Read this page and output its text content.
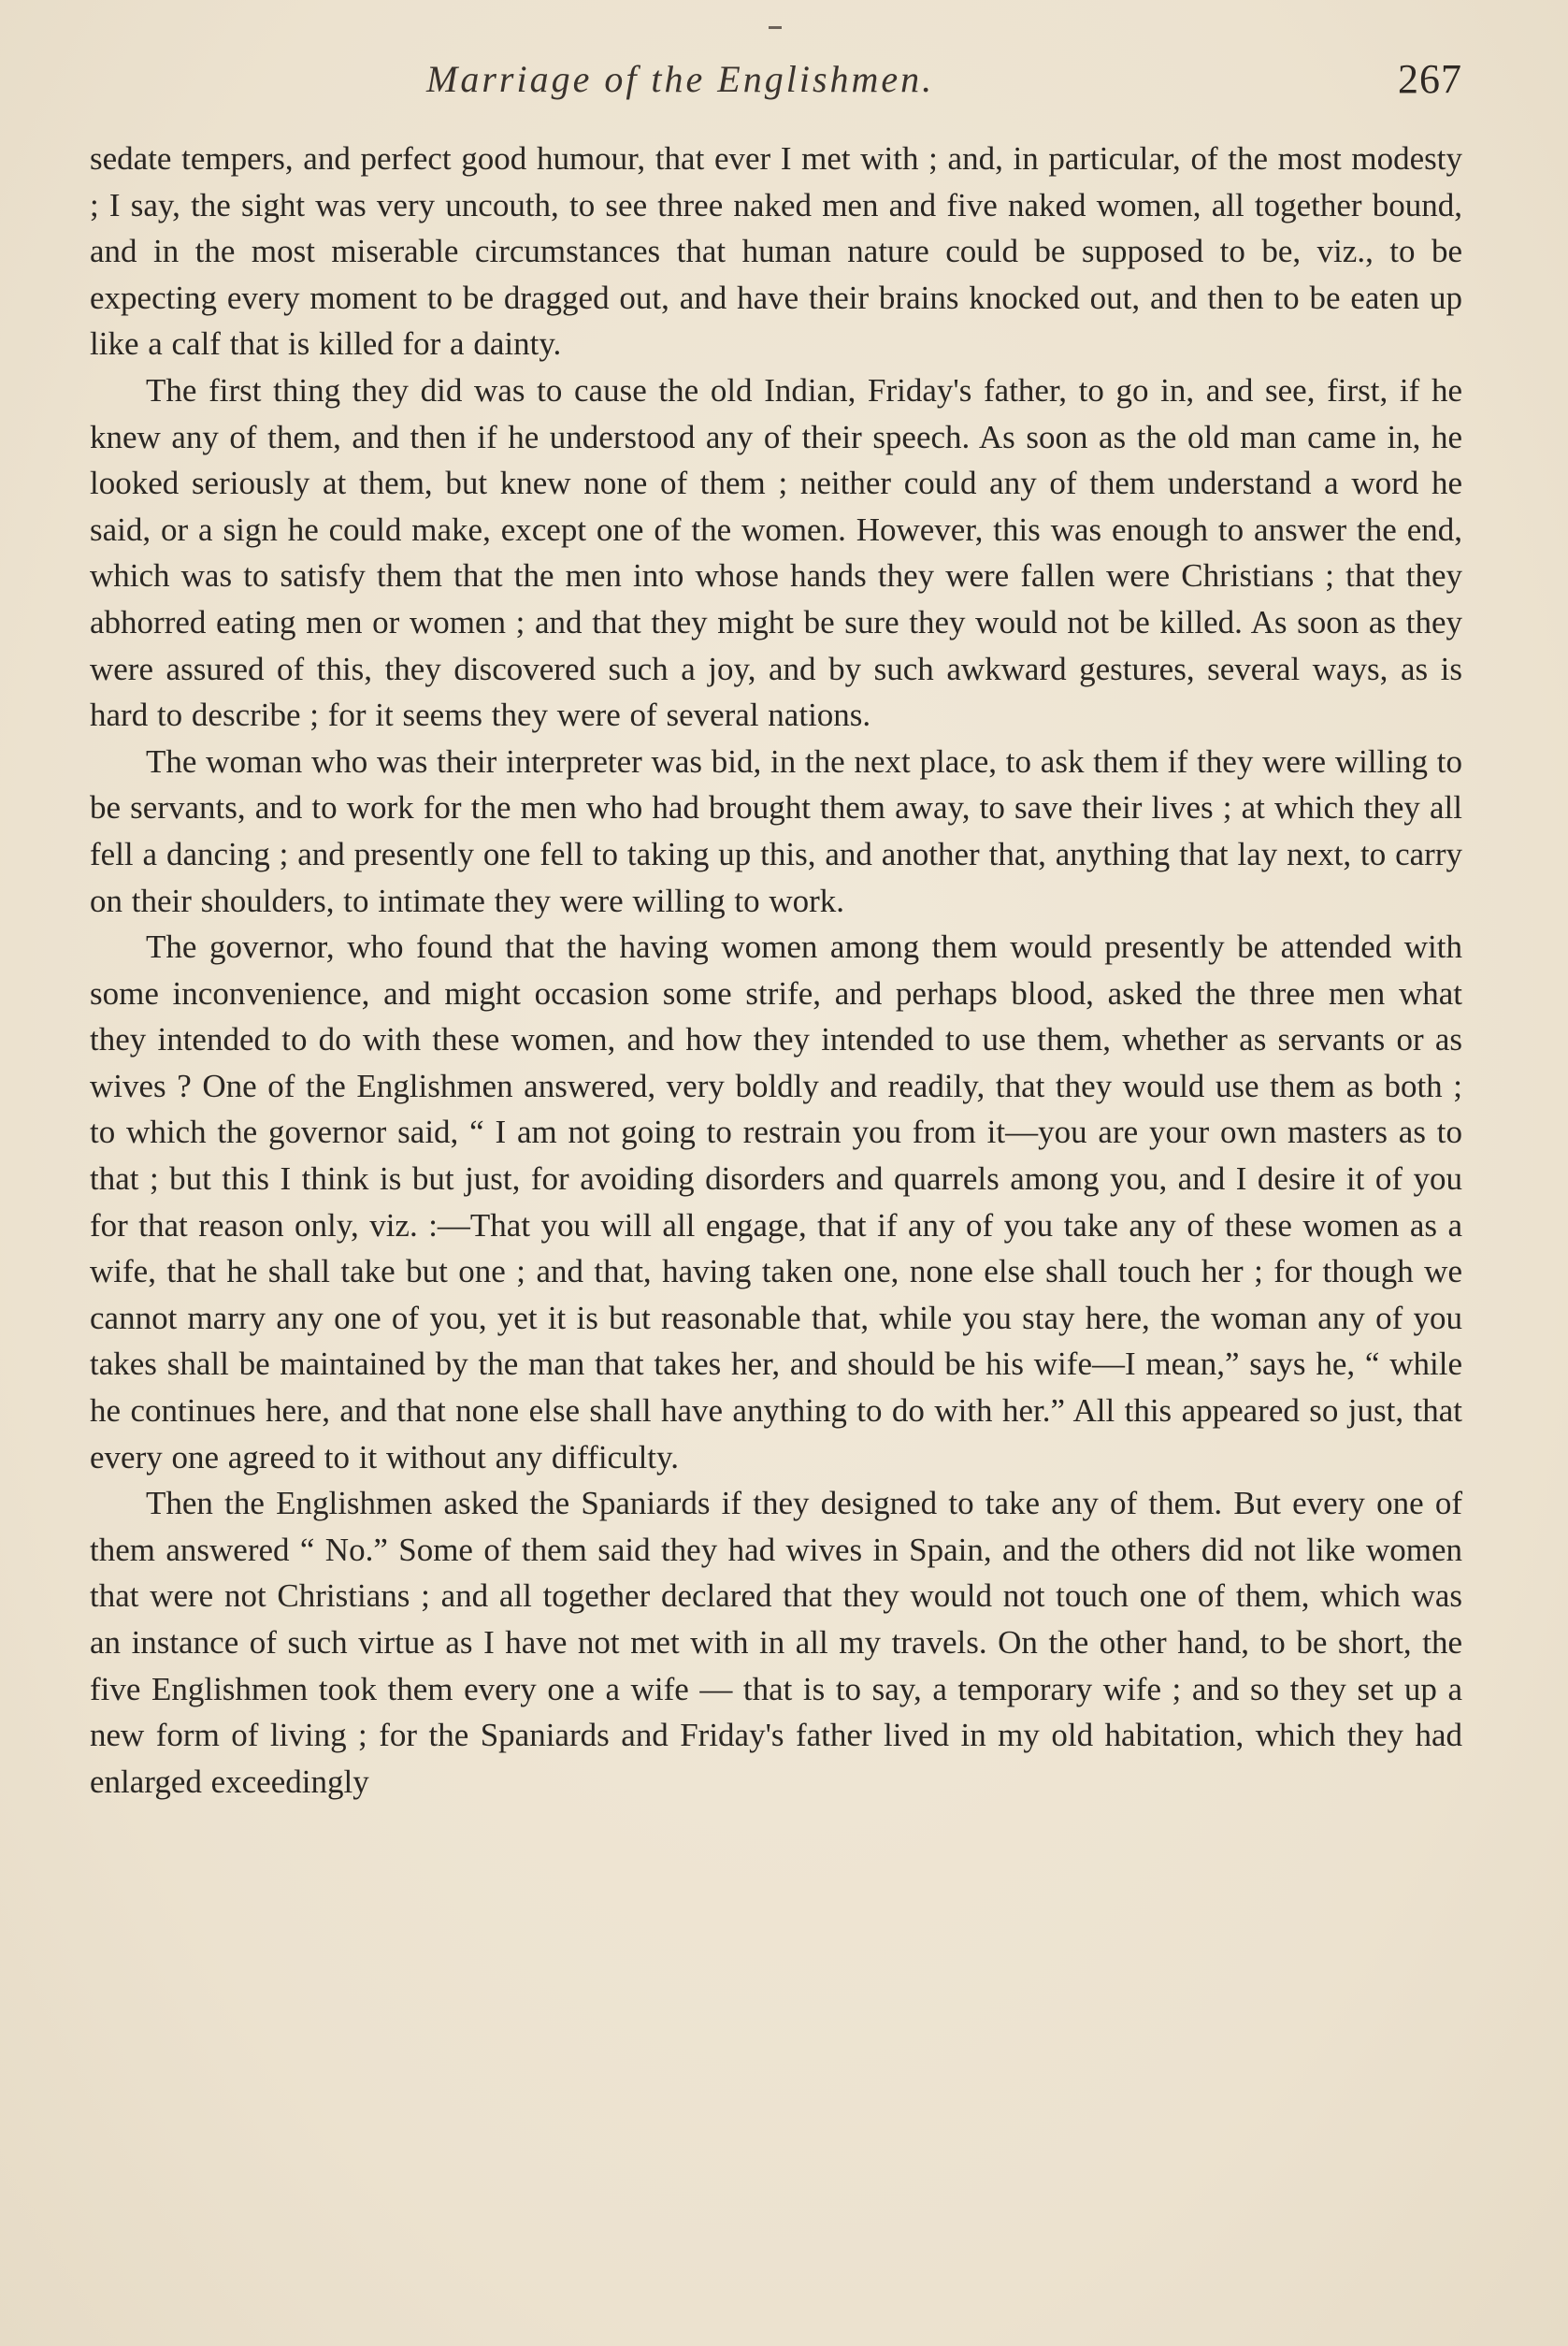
Marriage of the Englishmen.	267

sedate tempers, and perfect good humour, that ever I met with ; and, in particular, of the most modesty ; I say, the sight was very uncouth, to see three naked men and five naked women, all together bound, and in the most miserable circumstances that human nature could be supposed to be, viz., to be expecting every moment to be dragged out, and have their brains knocked out, and then to be eaten up like a calf that is killed for a dainty.

The first thing they did was to cause the old Indian, Friday's father, to go in, and see, first, if he knew any of them, and then if he understood any of their speech. As soon as the old man came in, he looked seriously at them, but knew none of them ; neither could any of them understand a word he said, or a sign he could make, except one of the women. However, this was enough to answer the end, which was to satisfy them that the men into whose hands they were fallen were Christians ; that they abhorred eating men or women ; and that they might be sure they would not be killed. As soon as they were assured of this, they discovered such a joy, and by such awkward gestures, several ways, as is hard to describe ; for it seems they were of several nations.

The woman who was their interpreter was bid, in the next place, to ask them if they were willing to be servants, and to work for the men who had brought them away, to save their lives ; at which they all fell a dancing ; and presently one fell to taking up this, and another that, anything that lay next, to carry on their shoulders, to intimate they were willing to work.

The governor, who found that the having women among them would presently be attended with some inconvenience, and might occasion some strife, and perhaps blood, asked the three men what they intended to do with these women, and how they intended to use them, whether as servants or as wives ? One of the Englishmen answered, very boldly and readily, that they would use them as both ; to which the governor said, “ I am not going to restrain you from it—you are your own masters as to that ; but this I think is but just, for avoiding disorders and quarrels among you, and I desire it of you for that reason only, viz. :—That you will all engage, that if any of you take any of these women as a wife, that he shall take but one ; and that, having taken one, none else shall touch her ; for though we cannot marry any one of you, yet it is but reasonable that, while you stay here, the woman any of you takes shall be maintained by the man that takes her, and should be his wife—I mean,” says he, “ while he continues here, and that none else shall have anything to do with her.” All this appeared so just, that every one agreed to it without any difficulty.

Then the Englishmen asked the Spaniards if they designed to take any of them. But every one of them answered “ No.” Some of them said they had wives in Spain, and the others did not like women that were not Christians ; and all together declared that they would not touch one of them, which was an instance of such virtue as I have not met with in all my travels. On the other hand, to be short, the five Englishmen took them every one a wife — that is to say, a temporary wife ; and so they set up a new form of living ; for the Spaniards and Friday's father lived in my old habitation, which they had enlarged exceedingly
